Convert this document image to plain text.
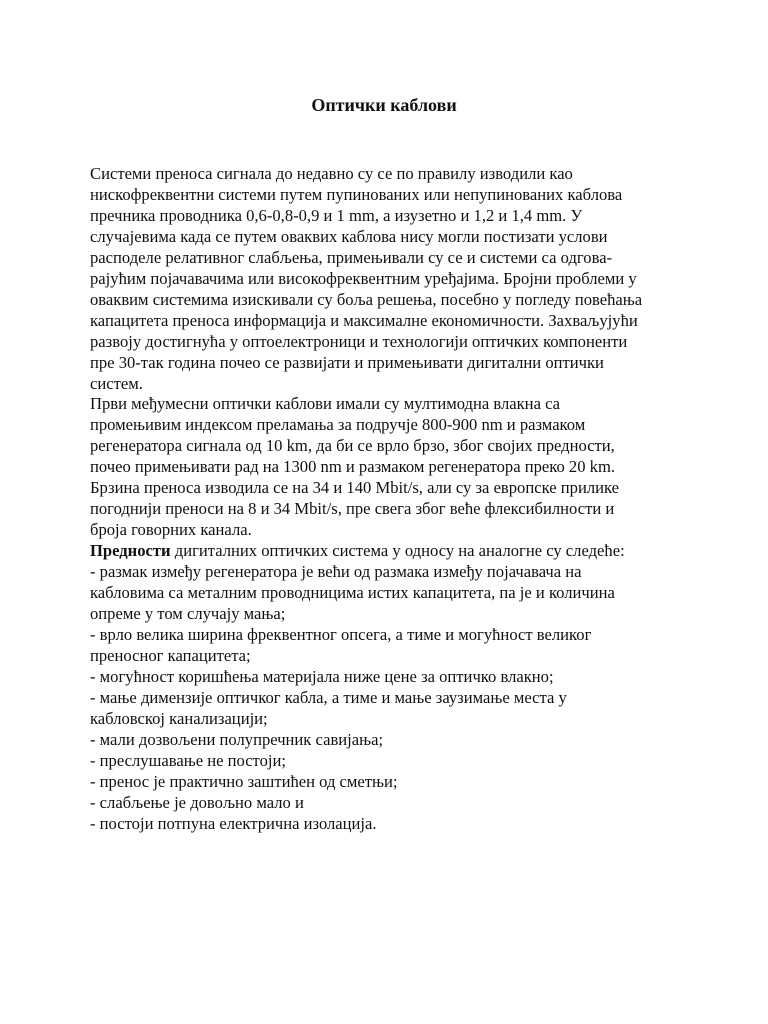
Оптички каблови
Системи преноса сигнала до недавно су се по правилу изводили као
нискофреквентни системи путем пупинованих или непупинованих каблова
пречника проводника 0,6-0,8-0,9 и 1 mm, а изузетно и 1,2 и 1,4 mm. У
случајевима када се путем оваквих каблова нису могли постизати услови
расподеле релативног слабљења, примењивали су се и системи са одгова-
рајућим појачавачима или високофреквентним уређајима. Бројни проблеми у
оваквим системима изискивали су боља решења, посебно у погледу повећања
капацитета преноса информација и максималне економичности. Захваљујући
развоју достигнућа у оптоелектроници и технологији оптичких компоненти
пре 30-так година почео се развијати и примењивати дигитални оптички
систем.
Први међумесни оптички каблови имали су мултимодна влакна са
промењивим индексом преламања за подручје 800-900 nm и размаком
регенератора сигнала од 10 km, да би се врло брзо, због својих предности,
почео примењивати рад на 1300 nm и размаком регенератора преко 20 km.
Брзина преноса изводила се на 34 и 140 Mbit/s, али су за европске прилике
погоднији преноси на 8 и 34 Mbit/s, пре свега због веће флексибилности и
броја говорних канала.
Предности дигиталних оптичких система у односу на аналогне су следеће:
- размак између регенератора је већи од размака између појачавача на
кабловима са металним проводницима истих капацитета, па је и количина
опреме у том случају мања;
- врло велика ширина фреквентног опсега, а тиме и могућност великог
преносног капацитета;
- могућност коришћења материјала ниже цене за оптичко влакно;
- мање димензије оптичког кабла, а тиме и мање заузимање места у
кабловској канализацији;
- мали дозвољени полупречник савијања;
- преслушавање не постоји;
- пренос је практично заштићен од сметњи;
- слабљење је довољно мало и
- постоји потпуна електрична изолација.
